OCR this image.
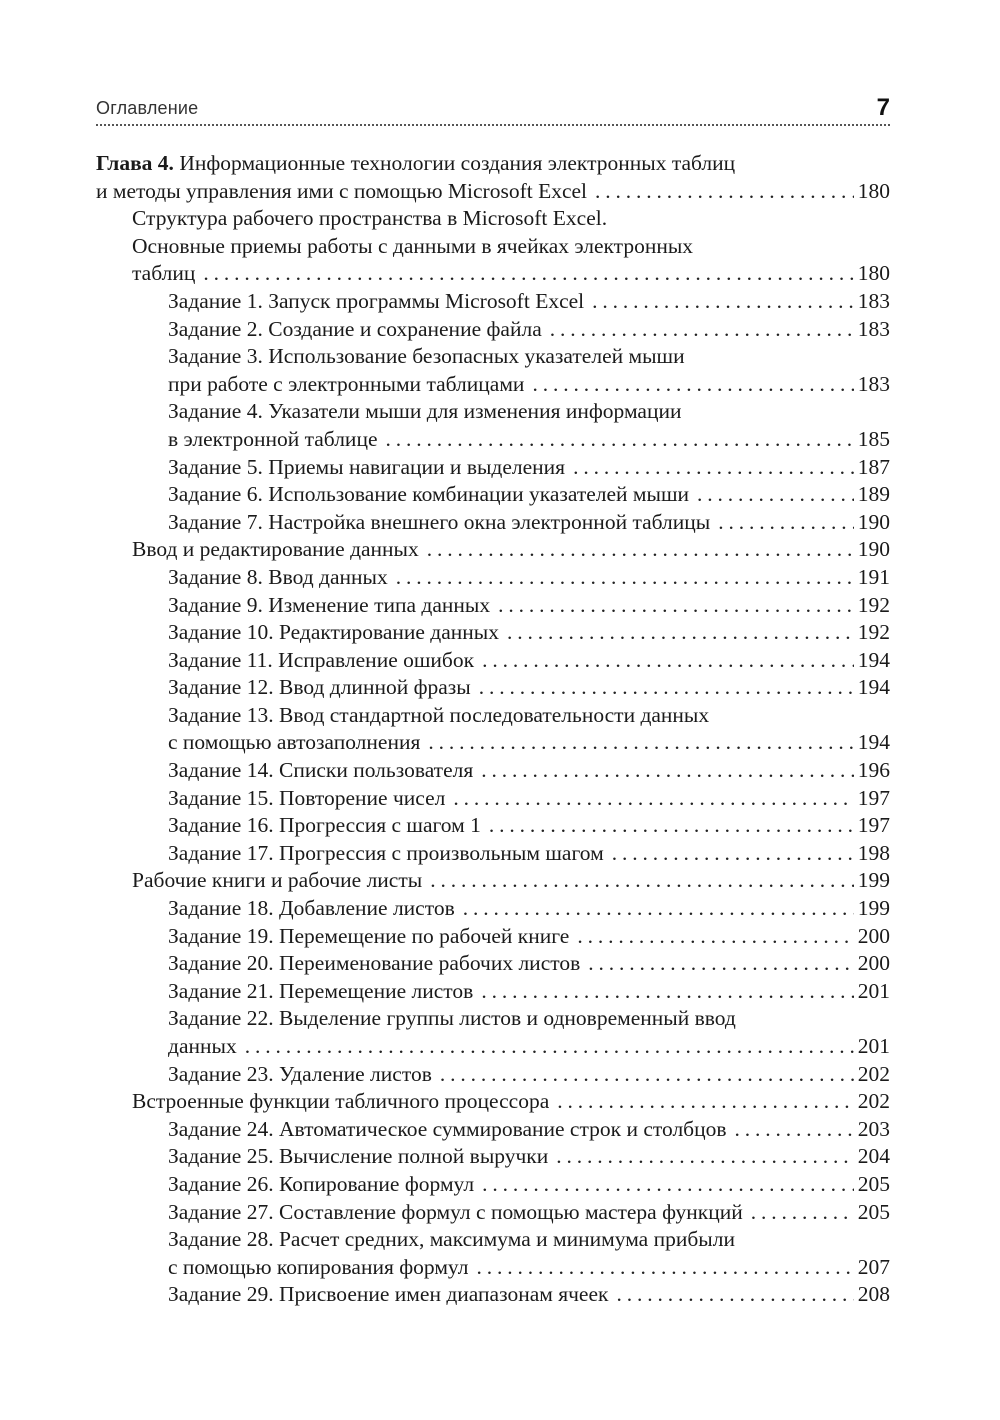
Оглавление	7
Глава 4. Информационные технологии создания электронных таблиц
и методы управления ими с помощью Microsoft Excel . . .	180
Структура рабочего пространства в Microsoft Excel.
Основные приемы работы с данными в ячейках электронных
таблиц . . .	180
Задание 1. Запуск программы Microsoft Excel . . .	183
Задание 2. Создание и сохранение файла . . .	183
Задание 3. Использование безопасных указателей мыши
при работе с электронными таблицами . . .	183
Задание 4. Указатели мыши для изменения информации
в электронной таблице . . .	185
Задание 5. Приемы навигации и выделения . . .	187
Задание 6. Использование комбинации указателей мыши . . .	189
Задание 7. Настройка внешнего окна электронной таблицы . . .	190
Ввод и редактирование данных . . .	190
Задание 8. Ввод данных . . .	191
Задание 9. Изменение типа данных . . .	192
Задание 10. Редактирование данных . . .	192
Задание 11. Исправление ошибок . . .	194
Задание 12. Ввод длинной фразы . . .	194
Задание 13. Ввод стандартной последовательности данных
с помощью автозаполнения . . .	194
Задание 14. Списки пользователя . . .	196
Задание 15. Повторение чисел . . .	197
Задание 16. Прогрессия с шагом 1 . . .	197
Задание 17. Прогрессия с произвольным шагом . . .	198
Рабочие книги и рабочие листы . . .	199
Задание 18. Добавление листов . . .	199
Задание 19. Перемещение по рабочей книге . . .	200
Задание 20. Переименование рабочих листов . . .	200
Задание 21. Перемещение листов . . .	201
Задание 22. Выделение группы листов и одновременный ввод
данных . . .	201
Задание 23. Удаление листов . . .	202
Встроенные функции табличного процессора . . .	202
Задание 24. Автоматическое суммирование строк и столбцов . . .	203
Задание 25. Вычисление полной выручки . . .	204
Задание 26. Копирование формул . . .	205
Задание 27. Составление формул с помощью мастера функций . . .	205
Задание 28. Расчет средних, максимума и минимума прибыли
с помощью копирования формул . . .	207
Задание 29. Присвоение имен диапазонам ячеек . . .	208
